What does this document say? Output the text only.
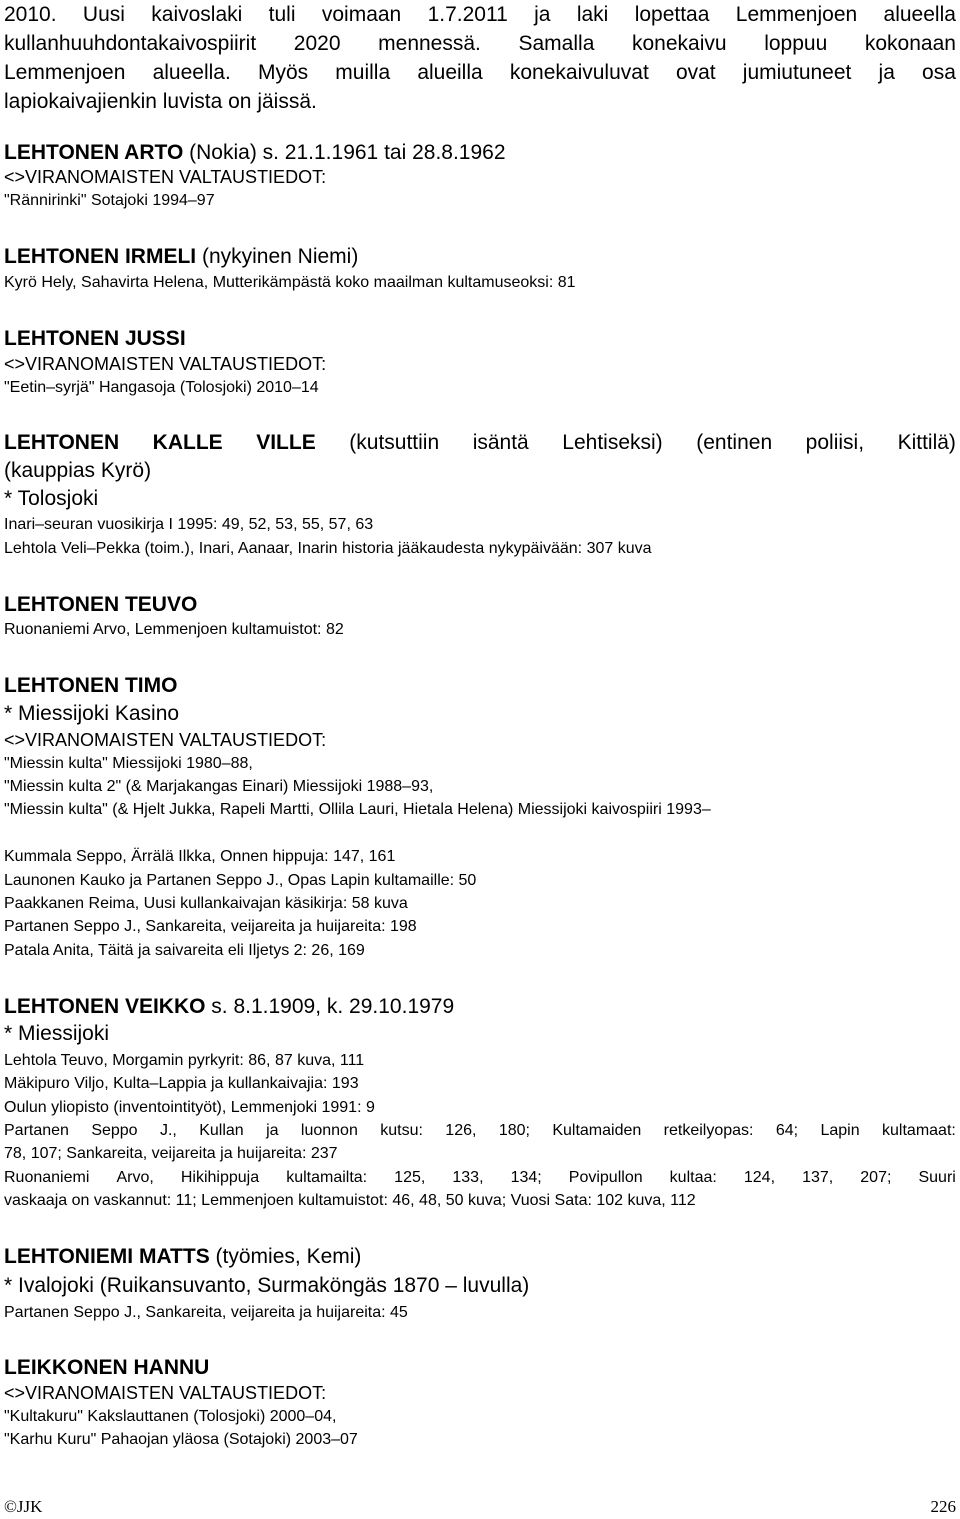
2010. Uusi kaivoslaki tuli voimaan 1.7.2011 ja laki lopettaa Lemmenjoen alueella
kullanhuuhdontakaivospiirit 2020 mennessä. Samalla konekaivu loppuu kokonaan
Lemmenjoen alueella. Myös muilla alueilla konekaivuluvat ovat jumiutuneet ja osa
lapiokaivajienkin luvista on jäissä.
LEHTONEN ARTO (Nokia) s. 21.1.1961 tai 28.8.1962
<>VIRANOMAISTEN VALTAUSTIEDOT:
"Rännirinki" Sotajoki 1994–97
LEHTONEN IRMELI (nykyinen Niemi)
Kyrö Hely, Sahavirta Helena, Mutterikämpästä koko maailman kultamuseoksi: 81
LEHTONEN JUSSI
<>VIRANOMAISTEN VALTAUSTIEDOT:
"Eetin–syrjä" Hangasoja (Tolosjoki) 2010–14
LEHTONEN KALLE VILLE (kutsuttiin isäntä Lehtiseksi) (entinen poliisi, Kittilä)
(kauppias Kyrö)
* Tolosjoki
Inari–seuran vuosikirja I 1995: 49, 52, 53, 55, 57, 63
Lehtola Veli–Pekka (toim.), Inari, Aanaar, Inarin historia jääkaudesta nykypäivään: 307 kuva
LEHTONEN TEUVO
Ruonaniemi Arvo, Lemmenjoen kultamuistot: 82
LEHTONEN TIMO
* Miessijoki Kasino
<>VIRANOMAISTEN VALTAUSTIEDOT:
"Miessin kulta" Miessijoki 1980–88,
"Miessin kulta 2" (& Marjakangas Einari) Miessijoki 1988–93,
"Miessin kulta" (& Hjelt Jukka, Rapeli Martti, Ollila Lauri, Hietala Helena) Miessijoki kaivospiiri 1993–
Kummala Seppo, Ärrälä Ilkka, Onnen hippuja: 147, 161
Launonen Kauko ja Partanen Seppo J., Opas Lapin kultamaille: 50
Paakkanen Reima, Uusi kullankaivajan käsikirja: 58 kuva
Partanen Seppo J., Sankareita, veijareita ja huijareita: 198
Patala Anita, Täitä ja saivareita eli Iljetys 2: 26, 169
LEHTONEN VEIKKO s. 8.1.1909, k. 29.10.1979
* Miessijoki
Lehtola Teuvo, Morgamin pyrkyrit: 86, 87 kuva, 111
Mäkipuro Viljo, Kulta–Lappia ja kullankaivajia: 193
Oulun yliopisto (inventointityöt), Lemmenjoki 1991: 9
Partanen Seppo J., Kullan ja luonnon kutsu: 126, 180; Kultamaiden retkeilyopas: 64; Lapin kultamaat:
78, 107; Sankareita, veijareita ja huijareita: 237
Ruonaniemi Arvo, Hikihippuja kultamailta: 125, 133, 134; Povipullon kultaa: 124, 137, 207; Suuri
vaskaaja on vaskannut: 11; Lemmenjoen kultamuistot: 46, 48, 50 kuva; Vuosi Sata: 102 kuva, 112
LEHTONIEMI MATTS (työmies, Kemi)
* Ivalojoki (Ruikansuvanto, Surmaköngäs 1870 – luvulla)
Partanen Seppo J., Sankareita, veijareita ja huijareita: 45
LEIKKONEN HANNU
<>VIRANOMAISTEN VALTAUSTIEDOT:
"Kultakuru" Kakslauttanen (Tolosjoki) 2000–04,
"Karhu Kuru" Pahaojan yläosa (Sotajoki) 2003–07
©JJK	226
